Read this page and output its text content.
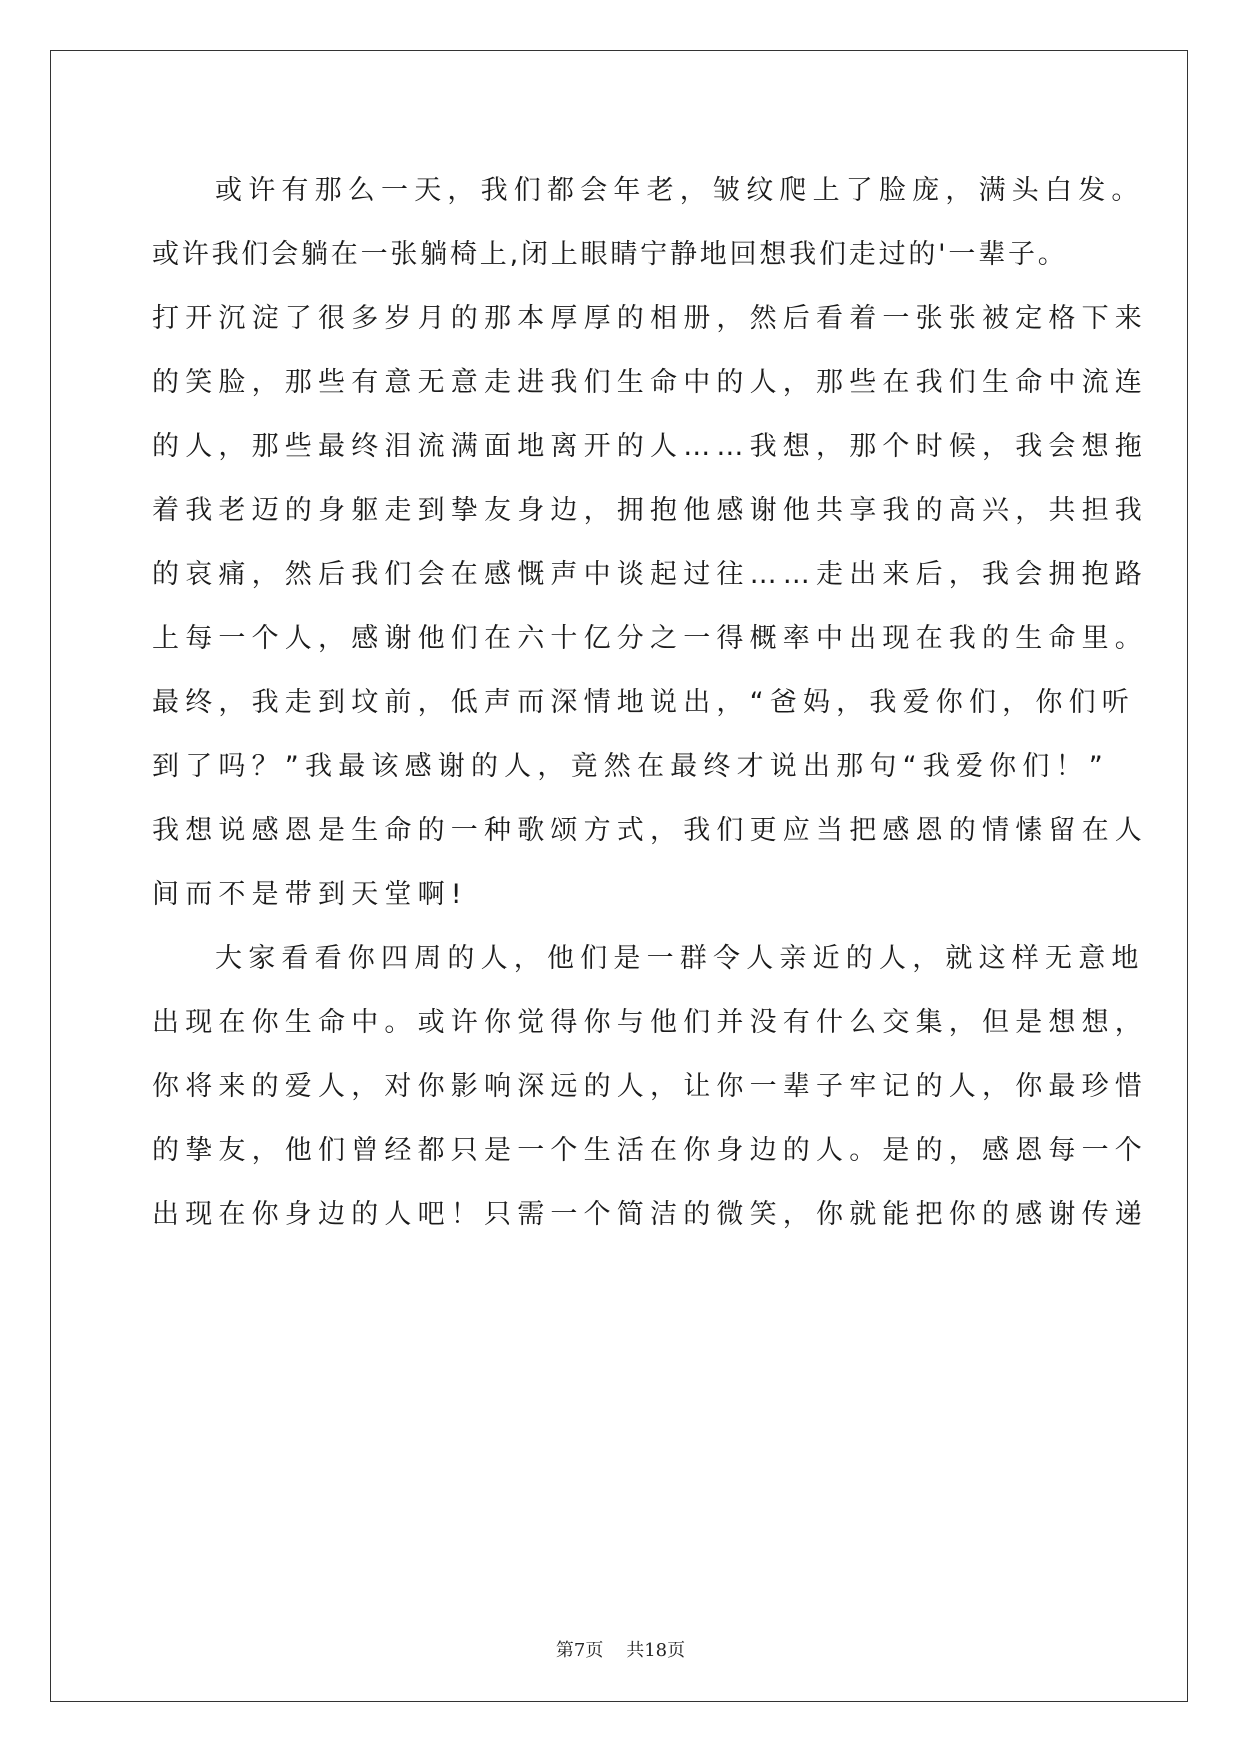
或许有那么一天，我们都会年老，皱纹爬上了脸庞，满头白发。

或许我们会躺在一张躺椅上,闭上眼睛宁静地回想我们走过的'一辈子。

打开沉淀了很多岁月的那本厚厚的相册，然后看着一张张被定格下来

的笑脸，那些有意无意走进我们生命中的人，那些在我们生命中流连

的人，那些最终泪流满面地离开的人……我想，那个时候，我会想拖

着我老迈的身躯走到挚友身边，拥抱他感谢他共享我的高兴，共担我

的哀痛，然后我们会在感慨声中谈起过往……走出来后，我会拥抱路

上每一个人，感谢他们在六十亿分之一得概率中出现在我的生命里。

最终，我走到坟前，低声而深情地说出，“爸妈，我爱你们，你们听

到了吗？”我最该感谢的人，竟然在最终才说出那句“我爱你们！”

我想说感恩是生命的一种歌颂方式，我们更应当把感恩的情愫留在人

间而不是带到天堂啊!

大家看看你四周的人，他们是一群令人亲近的人，就这样无意地

出现在你生命中。或许你觉得你与他们并没有什么交集，但是想想，

你将来的爱人，对你影响深远的人，让你一辈子牢记的人，你最珍惜

的挚友，他们曾经都只是一个生活在你身边的人。是的，感恩每一个

出现在你身边的人吧！只需一个简洁的微笑，你就能把你的感谢传递

第7页    共18页
